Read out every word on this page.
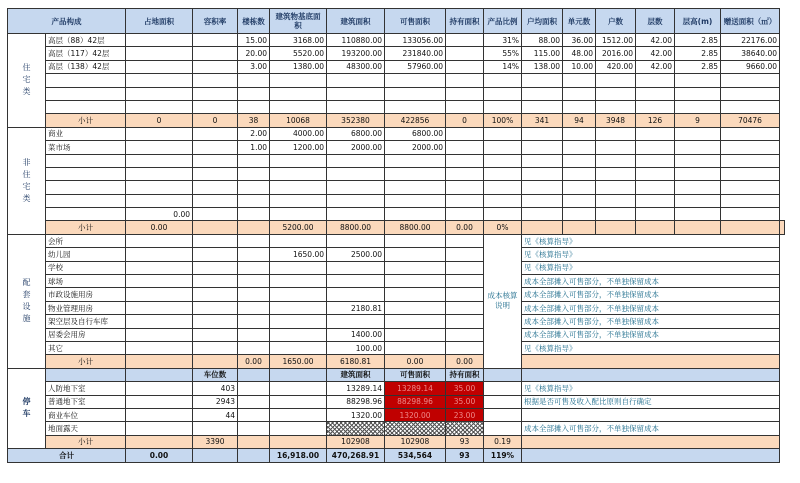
产品构成		占地面积	容积率	楼栋数	建筑物基底面积	建筑面积	可售面积	持有面积	产品比例	户均面积	单元数	户数	层数	层高(m)	赠送面积（㎡）	

住
宅
类	高层（88）42层			15.00	3168.00	110880.00	133056.00		31%	88.00	36.00	1512.00	42.00	2.85	22176.00	
	高层（117）42层			20.00	5520.00	193200.00	231840.00		55%	115.00	48.00	2016.00	42.00	2.85	38640.00	
	高层（138）42层			3.00	1380.00	48300.00	57960.00		14%	138.00	10.00	420.00	42.00	2.85	9660.00	

	小计	0	0	38	10068	352380	422856	0	100%	341	94	3948	126	9	70476	

非
住
宅
类	商业			2.00	4000.00	6800.00	6800.00									
	菜市场			1.00	1200.00	2000.00	2000.00									

		0.00														
	小计	0.00			5200.00	8800.00	8800.00	0.00	0%							

配
套
设
施	会所								成本核算说明	见《核算指导》						
	幼儿园				1650.00	2500.00				见《核算指导》						
	学校									见《核算指导》						
	球场									成本全部摊入可售部分，不单独保留成本						
	市政设施用房									成本全部摊入可售部分，不单独保留成本						
	物业管理用房					2180.81				成本全部摊入可售部分，不单独保留成本						
	架空层及自行车库									成本全部摊入可售部分，不单独保留成本						
	居委会用房					1400.00				成本全部摊入可售部分，不单独保留成本						
	其它					100.00				见《核算指导》						
	小计			0.00	1650.00	6180.81	0.00	0.00								

停
车			车位数			建筑面积	可售面积	持有面积								
	人防地下室		403			13289.14	13289.14	35.00		见《核算指导》						
	普通地下室		2943			88298.96	88298.96	35.00		根据是否可售及收入配比原则自行确定						
	商业车位		44			1320.00	1320.00	23.00								
	地面露天									成本全部摊入可售部分，不单独保留成本						
	小计		3390			102908	102908	93	0.19							
合计		0.00			16,918.00	470,268.91	534,564	93	119%							
